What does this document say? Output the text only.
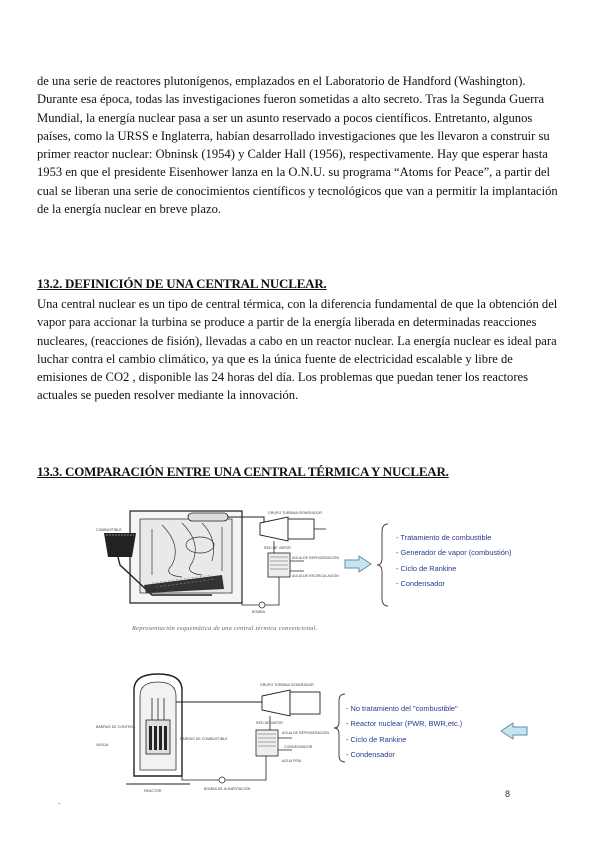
de una serie de reactores plutonígenos, emplazados en el Laboratorio de Handford (Washington). Durante esa época, todas las investigaciones fueron sometidas a alto secreto. Tras la Segunda Guerra Mundial, la energía nuclear pasa a ser un asunto reservado a pocos científicos. Entretanto, algunos países, como la URSS e Inglaterra, habían desarrollado investigaciones que les llevaron a construir su primer reactor nuclear: Obninsk (1954) y Calder Hall (1956), respectivamente. Hay que esperar hasta 1953 en que el presidente Eisenhower lanza en la O.N.U. su programa “Atoms for Peace”, a partir del cual se liberan una serie de conocimientos científicos y tecnológicos que van a permitir la implantación de la energía nuclear en breve plazo.
13.2. DEFINICIÓN DE UNA CENTRAL NUCLEAR.
Una central nuclear es un tipo de central térmica, con la diferencia fundamental de que la obtención del vapor para accionar la turbina se produce a partir de la energía liberada en determinadas reacciones nucleares, (reacciones de fisión), llevadas a cabo en un reactor nuclear. La energía nuclear es ideal para luchar contra el cambio climático, ya que es la única fuente de electricidad escalable y libre de emisiones de CO2 , disponible las 24 horas del día. Los problemas que puedan tener los reactores actuales se pueden resolver mediante la innovación.
13.3. COMPARACIÓN ENTRE UNA CENTRAL TÉRMICA Y NUCLEAR.
GRUPO TURBINA GENERADOR
RED DE VAPOR
AGUA DE REFRIGERACIÓN
AGUA DE RECIRCULACIÓN
COMBUSTIBLE
BOMBA
Representación esquemática de una central térmica convencional.
- Tratamiento de combustible
- Generador de vapor (combustión)
- Ciclo de Rankine
- Condensador
GRUPO TURBINA GENERADOR
RED DE VAPOR
AGUA DE REFRIGERACIÓN
CONDENSADOR
AGUA FRÍA
BARRAS DE CONTROL
BARRAS DE COMBUSTIBLE
VASIJA
BOMBA DE ALIMENTACIÓN
REACTOR
- No tratamiento del "combustible"
- Reactor nuclear (PWR, BWR,etc.)
- Ciclo de Rankine
- Condensador
.
8
